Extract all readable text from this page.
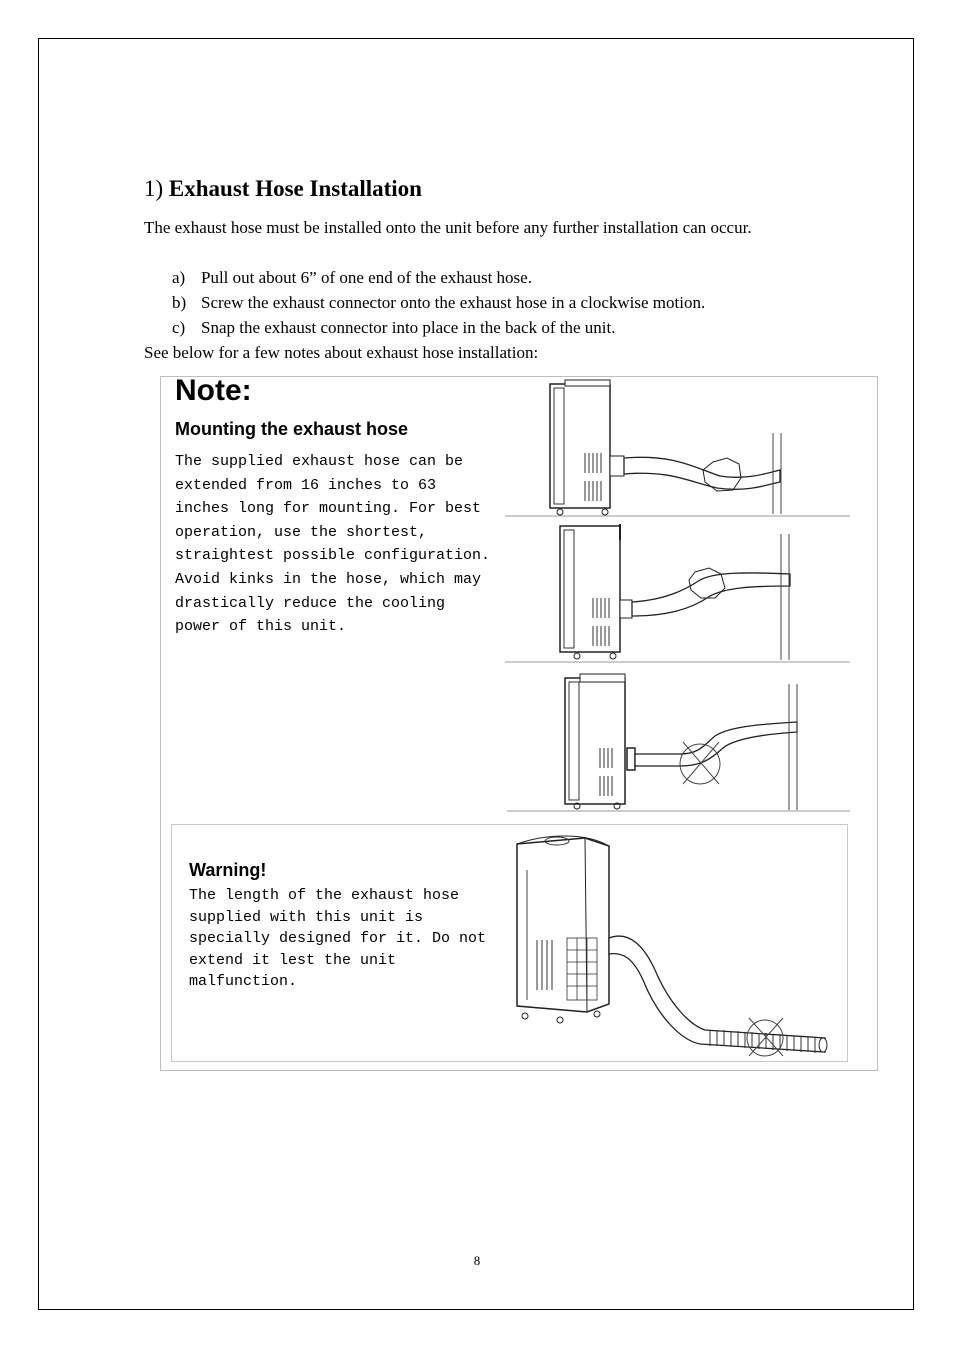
1) Exhaust Hose Installation

The exhaust hose must be installed onto the unit before any further installation can occur.

a) Pull out about 6” of one end of the exhaust hose.
b) Screw the exhaust connector onto the exhaust hose in a clockwise motion.
c) Snap the exhaust connector into place in the back of the unit.

See below for a few notes about exhaust hose installation:

Note:
Mounting the exhaust hose
The supplied exhaust hose can be
extended from 16 inches to 63
inches long for mounting. For best
operation, use the shortest,
straightest possible configuration.
Avoid kinks in the hose, which may
drastically reduce the cooling
power of this unit.
Warning!
The length of the exhaust hose
supplied with this unit is
specially designed for it. Do not
extend it lest the unit
malfunction.

8
